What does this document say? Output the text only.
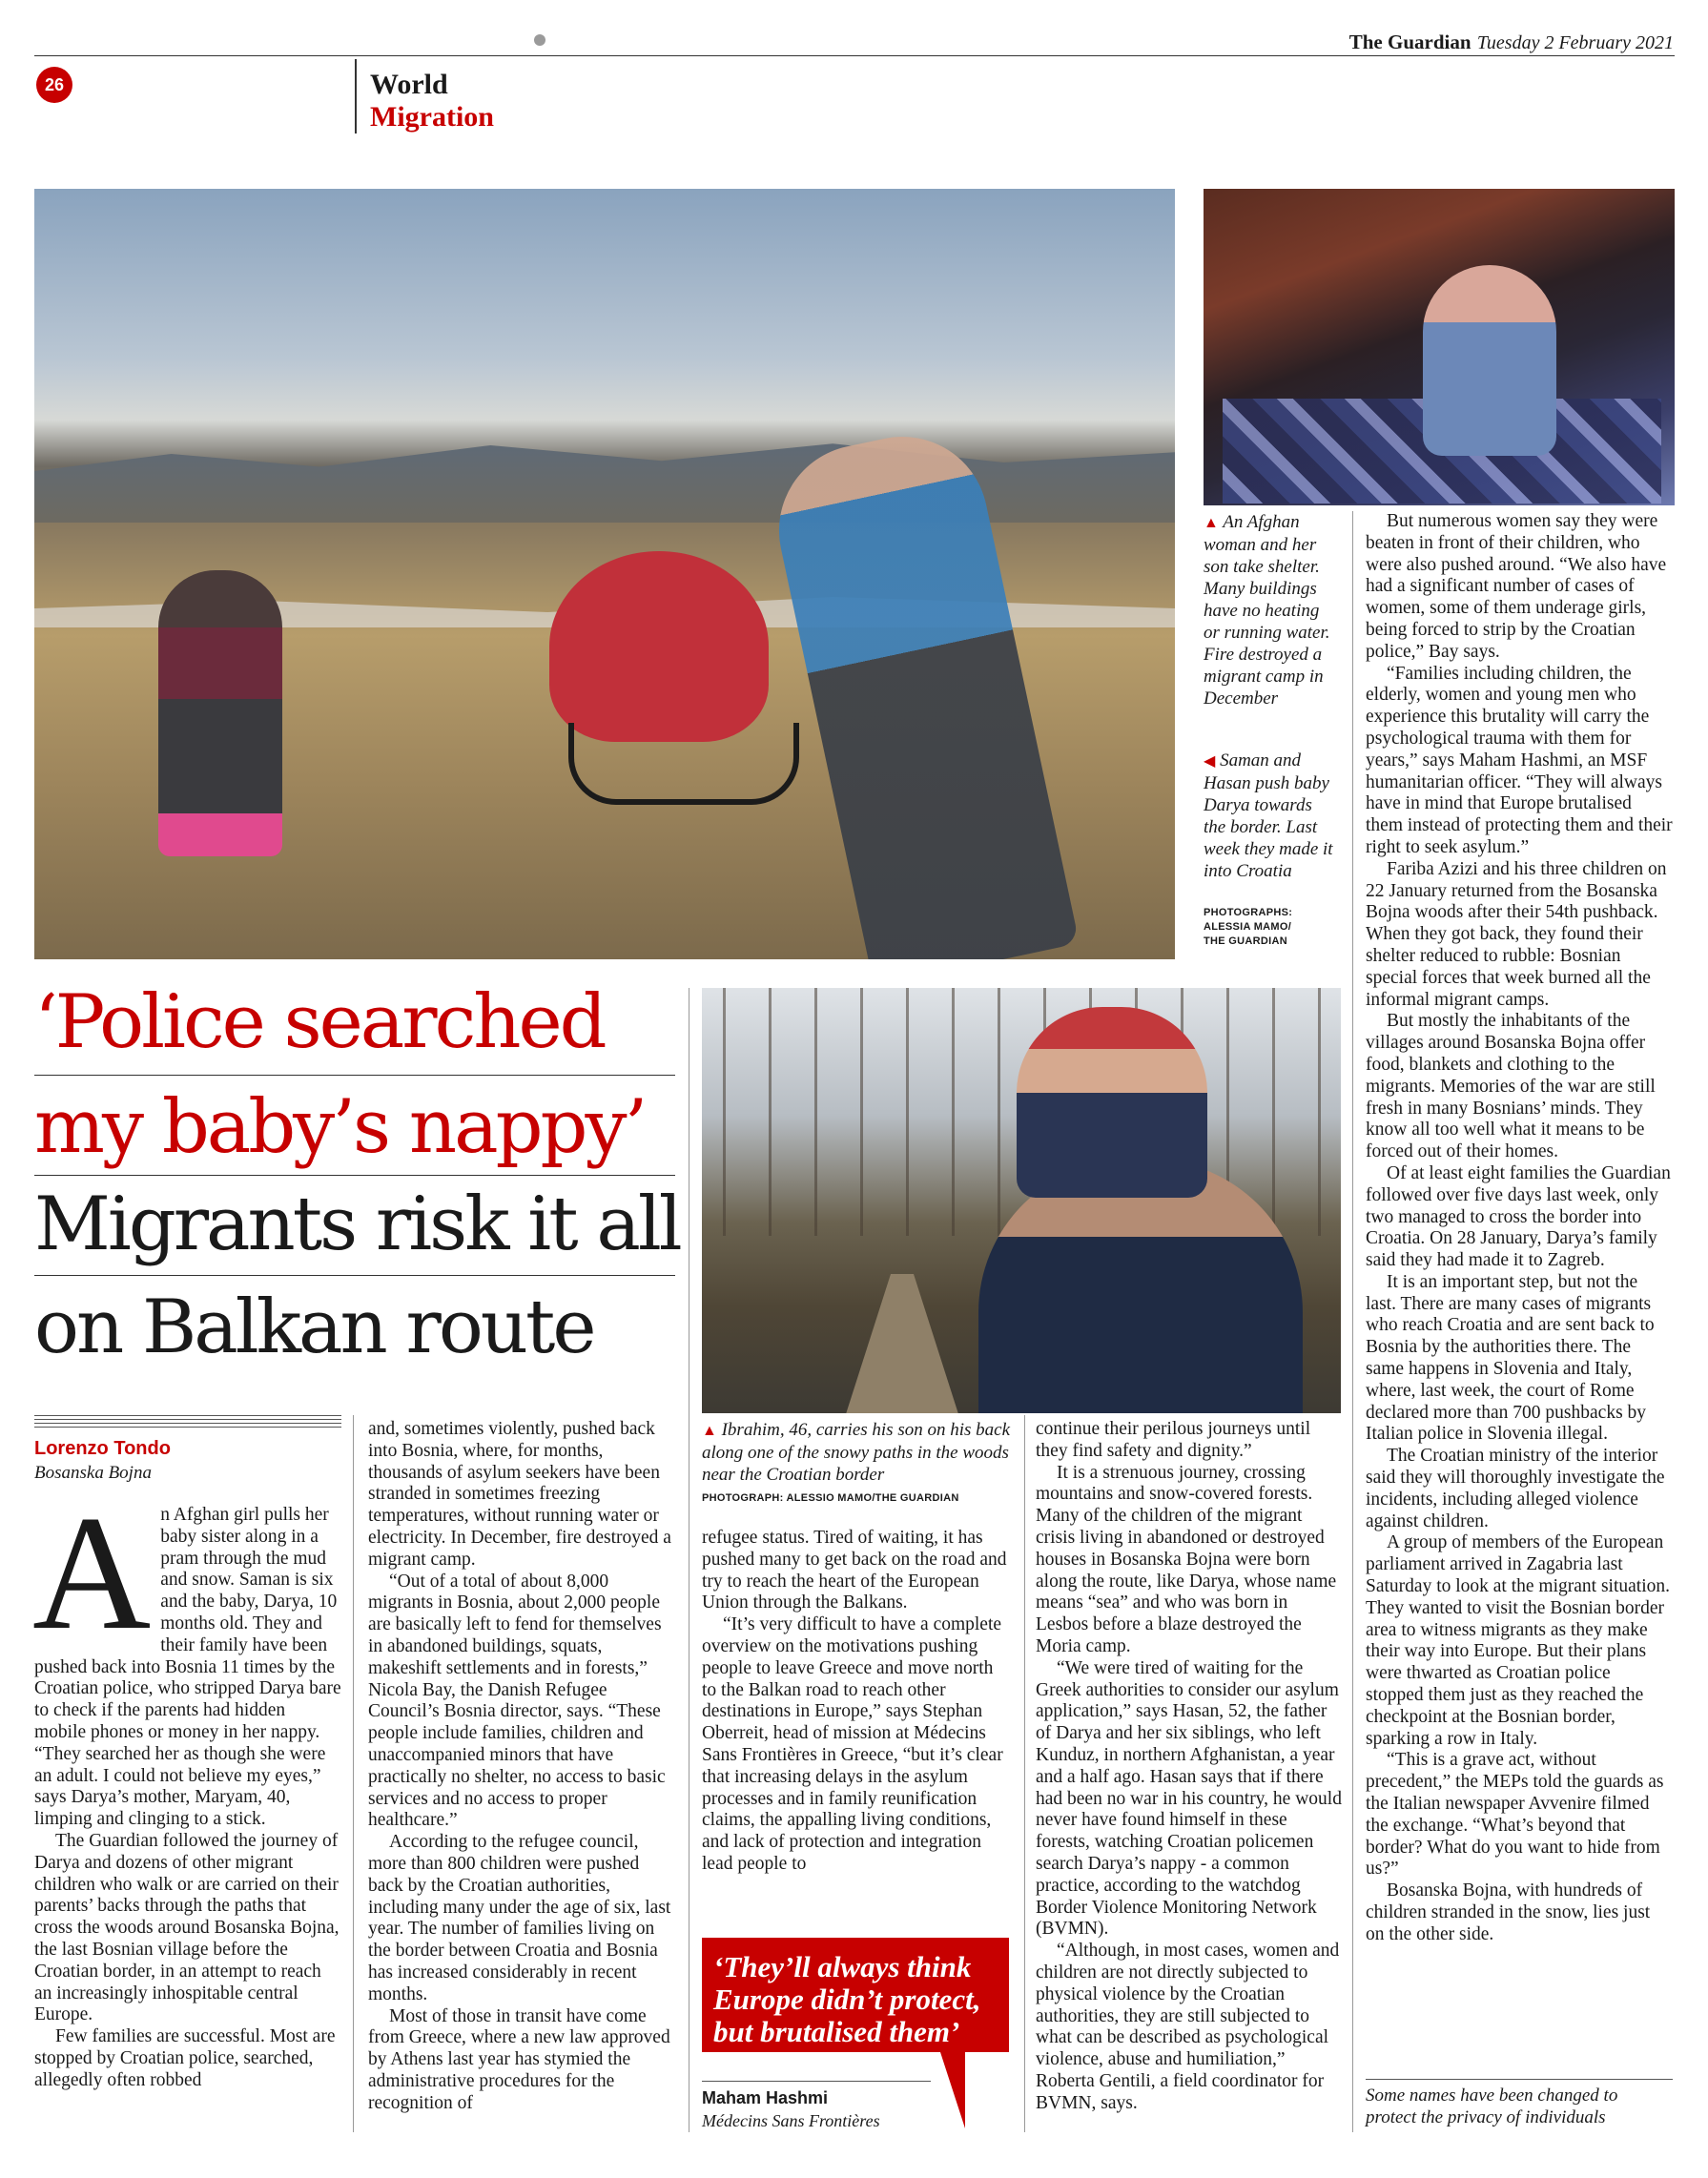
The Guardian Tuesday 2 February 2021
26	World
Migration
▲ An Afghan woman and her son take shelter. Many buildings have no heating or running water. Fire destroyed a migrant camp in December
◀ Saman and Hasan push baby Darya towards the border. Last week they made it into Croatia
PHOTOGRAPHS:
ALESSIA MAMO/
THE GUARDIAN
‘Police searched
my baby’s nappy’
Migrants risk it all
on Balkan route
Lorenzo Tondo
Bosanska Bojna

An Afghan girl pulls her baby sister along in a pram through the mud and snow. Saman is six and the baby, Darya, 10 months old. They and their family have been pushed back into Bosnia 11 times by the Croatian police, who stripped Darya bare to check if the parents had hidden mobile phones or money in her nappy. “They searched her as though she were an adult. I could not believe my eyes,” says Darya’s mother, Maryam, 40, limping and clinging to a stick.

The Guardian followed the journey of Darya and dozens of other migrant children who walk or are carried on their parents’ backs through the paths that cross the woods around Bosanska Bojna, the last Bosnian village before the Croatian border, in an attempt to reach an increasingly inhospitable central Europe.

Few families are successful. Most are stopped by Croatian police, searched, allegedly often robbed

and, sometimes violently, pushed back into Bosnia, where, for months, thousands of asylum seekers have been stranded in sometimes freezing temperatures, without running water or electricity. In December, fire destroyed a migrant camp.

“Out of a total of about 8,000 migrants in Bosnia, about 2,000 people are basically left to fend for themselves in abandoned buildings, squats, makeshift settlements and in forests,” Nicola Bay, the Danish Refugee Council’s Bosnia director, says. “These people include families, children and unaccompanied minors that have practically no shelter, no access to basic services and no access to proper healthcare.”

According to the refugee council, more than 800 children were pushed back by the Croatian authorities, including many under the age of six, last year. The number of families living on the border between Croatia and Bosnia has increased considerably in recent months.

Most of those in transit have come from Greece, where a new law approved by Athens last year has stymied the administrative procedures for the recognition of

▲ Ibrahim, 46, carries his son on his back along one of the snowy paths in the woods near the Croatian border
PHOTOGRAPH: ALESSIO MAMO/THE GUARDIAN

refugee status. Tired of waiting, it has pushed many to get back on the road and try to reach the heart of the European Union through the Balkans.

“It’s very difficult to have a complete overview on the motivations pushing people to leave Greece and move north to the Balkan road to reach other destinations in Europe,” says Stephan Oberreit, head of mission at Médecins Sans Frontières in Greece, “but it’s clear that increasing delays in the asylum processes and in family reunification claims, the appalling living conditions, and lack of protection and integration lead people to

‘They’ll always think Europe didn’t protect, but brutalised them’
Maham Hashmi
Médecins Sans Frontières

continue their perilous journeys until they find safety and dignity.”

It is a strenuous journey, crossing mountains and snow-covered forests. Many of the children of the migrant crisis living in abandoned or destroyed houses in Bosanska Bojna were born along the route, like Darya, whose name means “sea” and who was born in Lesbos before a blaze destroyed the Moria camp.

“We were tired of waiting for the Greek authorities to consider our asylum application,” says Hasan, 52, the father of Darya and her six siblings, who left Kunduz, in northern Afghanistan, a year and a half ago. Hasan says that if there had been no war in his country, he would never have found himself in these forests, watching Croatian policemen search Darya’s nappy - a common practice, according to the watchdog Border Violence Monitoring Network (BVMN).

“Although, in most cases, women and children are not directly subjected to physical violence by the Croatian authorities, they are still subjected to what can be described as psychological violence, abuse and humiliation,” Roberta Gentili, a field coordinator for BVMN, says.

But numerous women say they were beaten in front of their children, who were also pushed around. “We also have had a significant number of cases of women, some of them underage girls, being forced to strip by the Croatian police,” Bay says.

“Families including children, the elderly, women and young men who experience this brutality will carry the psychological trauma with them for years,” says Maham Hashmi, an MSF humanitarian officer. “They will always have in mind that Europe brutalised them instead of protecting them and their right to seek asylum.”

Fariba Azizi and his three children on 22 January returned from the Bosanska Bojna woods after their 54th pushback. When they got back, they found their shelter reduced to rubble: Bosnian special forces that week burned all the informal migrant camps.

But mostly the inhabitants of the villages around Bosanska Bojna offer food, blankets and clothing to the migrants. Memories of the war are still fresh in many Bosnians’ minds. They know all too well what it means to be forced out of their homes.

Of at least eight families the Guardian followed over five days last week, only two managed to cross the border into Croatia. On 28 January, Darya’s family said they had made it to Zagreb.

It is an important step, but not the last. There are many cases of migrants who reach Croatia and are sent back to Bosnia by the authorities there. The same happens in Slovenia and Italy, where, last week, the court of Rome declared more than 700 pushbacks by Italian police in Slovenia illegal.

The Croatian ministry of the interior said they will thoroughly investigate the incidents, including alleged violence against children.

A group of members of the European parliament arrived in Zagabria last Saturday to look at the migrant situation. They wanted to visit the Bosnian border area to witness migrants as they make their way into Europe. But their plans were thwarted as Croatian police stopped them just as they reached the checkpoint at the Bosnian border, sparking a row in Italy.

“This is a grave act, without precedent,” the MEPs told the guards as the Italian newspaper Avvenire filmed the exchange. “What’s beyond that border? What do you want to hide from us?”

Bosanska Bojna, with hundreds of children stranded in the snow, lies just on the other side.

Some names have been changed to protect the privacy of individuals
